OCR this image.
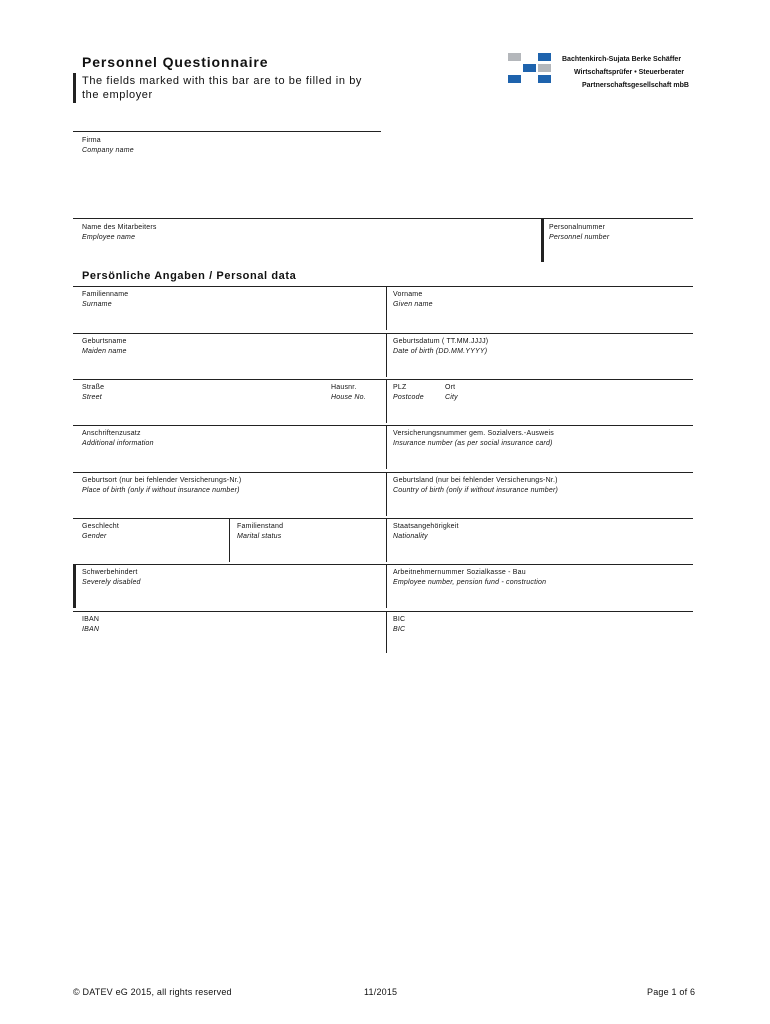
Personnel Questionnaire
The fields marked with this bar are to be filled in by the employer
Bachtenkirch-Sujata Berke Schäffer
Wirtschaftsprüfer • Steuerberater
Partnerschaftsgesellschaft mbB
Firma
Company name
Name des Mitarbeiters
Employee name
Personalnummer
Personnel number
Persönliche Angaben / Personal data
Familienname
Surname
Vorname
Given name
Geburtsname
Maiden name
Geburtsdatum ( TT.MM.JJJJ)
Date of birth (DD.MM.YYYY)
Straße
Street
Hausnr.
House No.
PLZ
Postcode
Ort
City
Anschriftenzusatz
Additional information
Versicherungsnummer gem. Sozialvers.-Ausweis
Insurance number (as per social insurance card)
Geburtsort (nur bei fehlender Versicherungs-Nr.)
Place of birth (only if without insurance number)
Geburtsland (nur bei fehlender Versicherungs-Nr.)
Country of birth (only if without insurance number)
Geschlecht
Gender
Familienstand
Marital status
Staatsangehörigkeit
Nationality
Schwerbehindert
Severely disabled
Arbeitnehmernummer Sozialkasse - Bau
Employee number, pension fund - construction
IBAN
IBAN
BIC
BIC
© DATEV eG 2015, all rights reserved	11/2015	Page 1 of 6
